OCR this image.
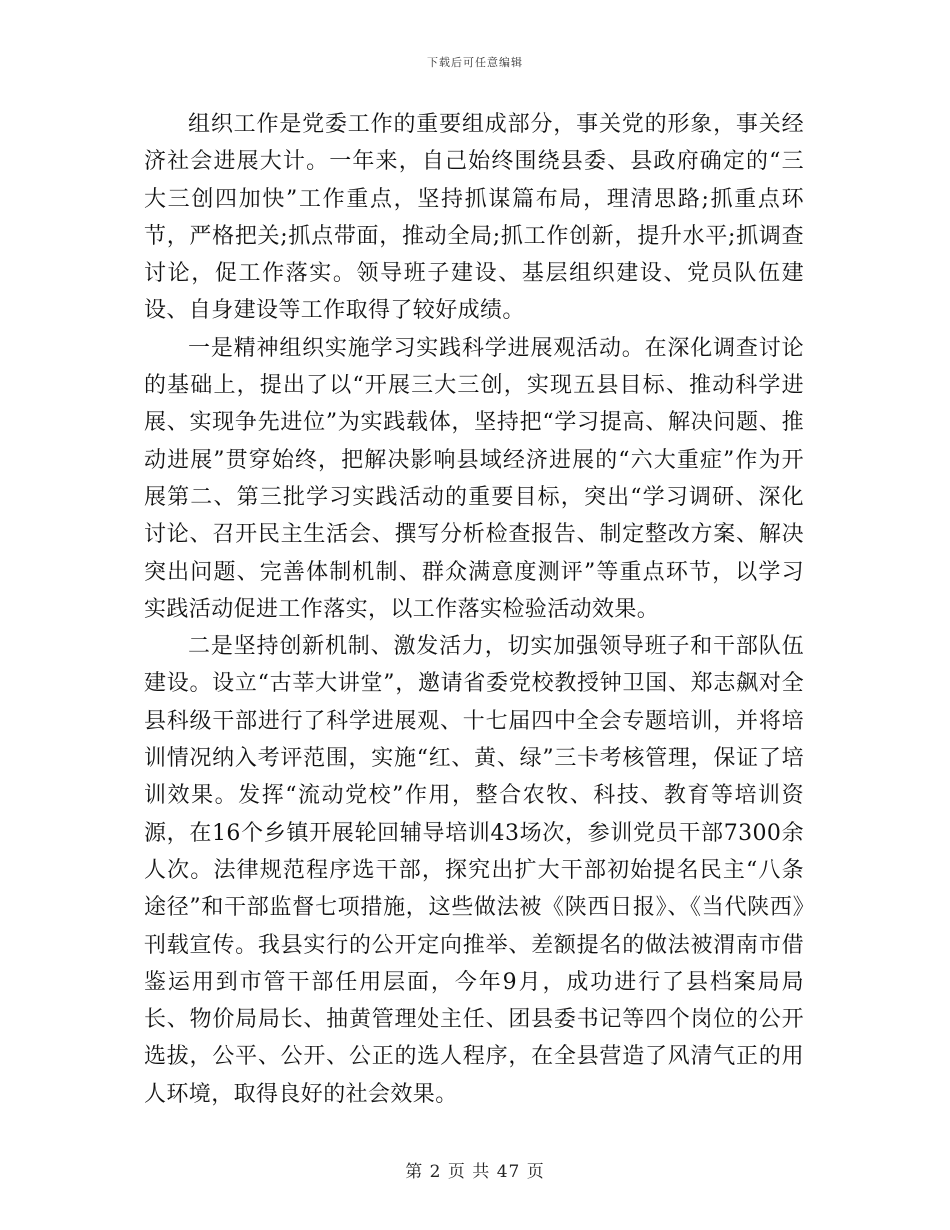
下载后可任意编辑

组织工作是党委工作的重要组成部分，事关党的形象，事关经济社会进展大计。一年来，自己始终围绕县委、县政府确定的“三大三创四加快”工作重点，坚持抓谋篇布局，理清思路;抓重点环节，严格把关;抓点带面，推动全局;抓工作创新，提升水平;抓调查讨论，促工作落实。领导班子建设、基层组织建设、党员队伍建设、自身建设等工作取得了较好成绩。

一是精神组织实施学习实践科学进展观活动。在深化调查讨论的基础上，提出了以“开展三大三创，实现五县目标、推动科学进展、实现争先进位”为实践载体，坚持把“学习提高、解决问题、推动进展”贯穿始终，把解决影响县域经济进展的“六大重症”作为开展第二、第三批学习实践活动的重要目标，突出“学习调研、深化讨论、召开民主生活会、撰写分析检查报告、制定整改方案、解决突出问题、完善体制机制、群众满意度测评”等重点环节，以学习实践活动促进工作落实，以工作落实检验活动效果。

二是坚持创新机制、激发活力，切实加强领导班子和干部队伍建设。设立“古莘大讲堂”，邀请省委党校教授钟卫国、郑志飙对全县科级干部进行了科学进展观、十七届四中全会专题培训，并将培训情况纳入考评范围，实施“红、黄、绿”三卡考核管理，保证了培训效果。发挥“流动党校”作用，整合农牧、科技、教育等培训资源，在16个乡镇开展轮回辅导培训43场次，参训党员干部7300余人次。法律规范程序选干部，探究出扩大干部初始提名民主“八条途径”和干部监督七项措施，这些做法被《陕西日报》、《当代陕西》刊载宣传。我县实行的公开定向推举、差额提名的做法被渭南市借鉴运用到市管干部任用层面，今年9月，成功进行了县档案局局长、物价局局长、抽黄管理处主任、团县委书记等四个岗位的公开选拔，公平、公开、公正的选人程序，在全县营造了风清气正的用人环境，取得良好的社会效果。

第 2 页 共 47 页
